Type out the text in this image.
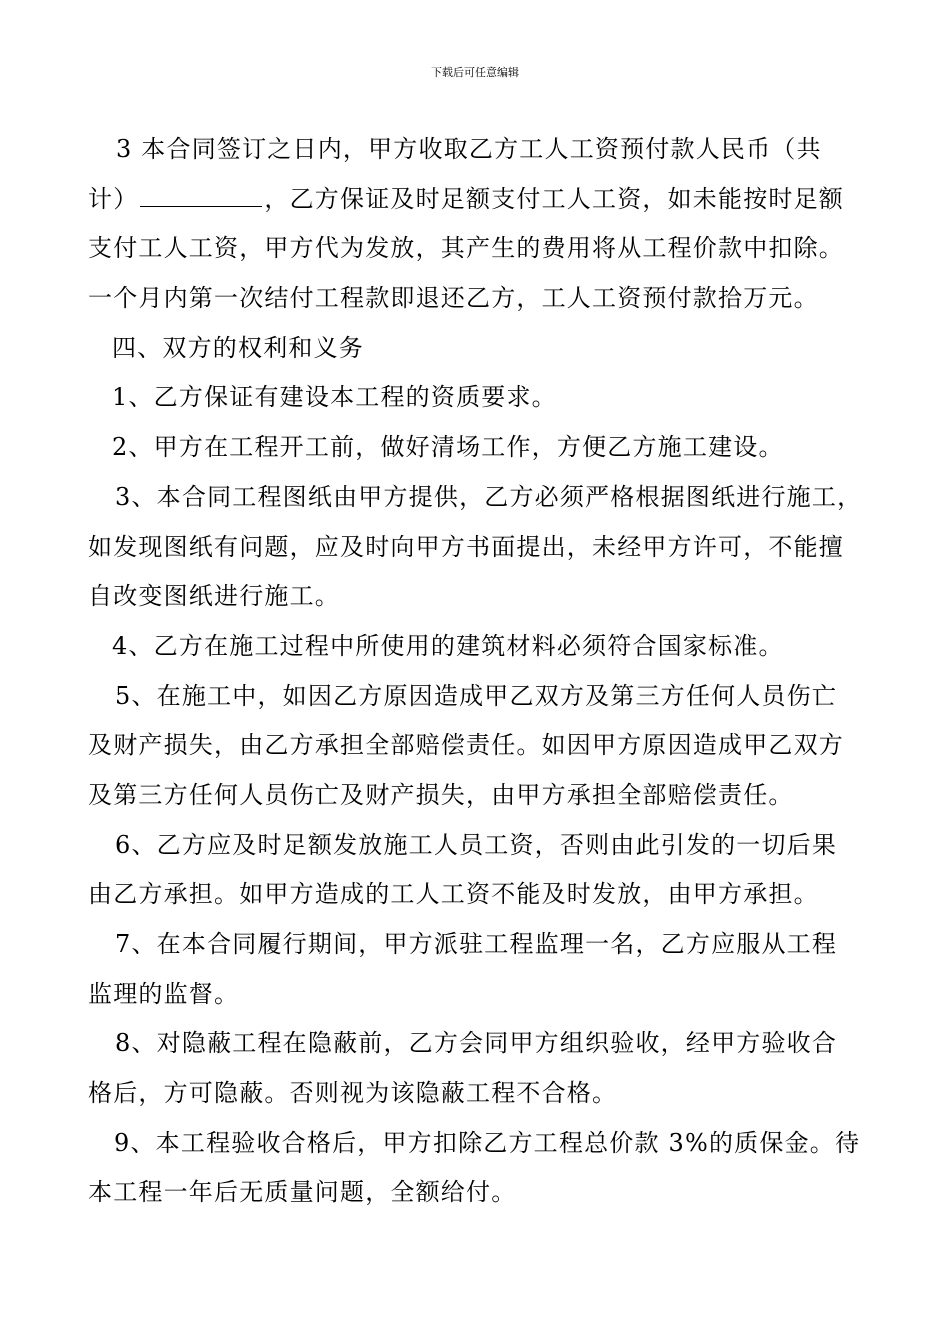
下载后可任意编辑
3 本合同签订之日内，甲方收取乙方工人工资预付款人民币（共
计）	，乙方保证及时足额支付工人工资，如未能按时足额
支付工人工资，甲方代为发放，其产生的费用将从工程价款中扣除。
一个月内第一次结付工程款即退还乙方，工人工资预付款拾万元。
四、双方的权利和义务
1、乙方保证有建设本工程的资质要求。
2、甲方在工程开工前，做好清场工作，方便乙方施工建设。
3、本合同工程图纸由甲方提供，乙方必须严格根据图纸进行施工，
如发现图纸有问题，应及时向甲方书面提出，未经甲方许可，不能擅
自改变图纸进行施工。
4、乙方在施工过程中所使用的建筑材料必须符合国家标准。
5、在施工中，如因乙方原因造成甲乙双方及第三方任何人员伤亡
及财产损失，由乙方承担全部赔偿责任。如因甲方原因造成甲乙双方
及第三方任何人员伤亡及财产损失，由甲方承担全部赔偿责任。
6、乙方应及时足额发放施工人员工资，否则由此引发的一切后果
由乙方承担。如甲方造成的工人工资不能及时发放，由甲方承担。
7、在本合同履行期间，甲方派驻工程监理一名，乙方应服从工程
监理的监督。
8、对隐蔽工程在隐蔽前，乙方会同甲方组织验收，经甲方验收合
格后，方可隐蔽。否则视为该隐蔽工程不合格。
9、本工程验收合格后，甲方扣除乙方工程总价款 3%的质保金。待
本工程一年后无质量问题，全额给付。
